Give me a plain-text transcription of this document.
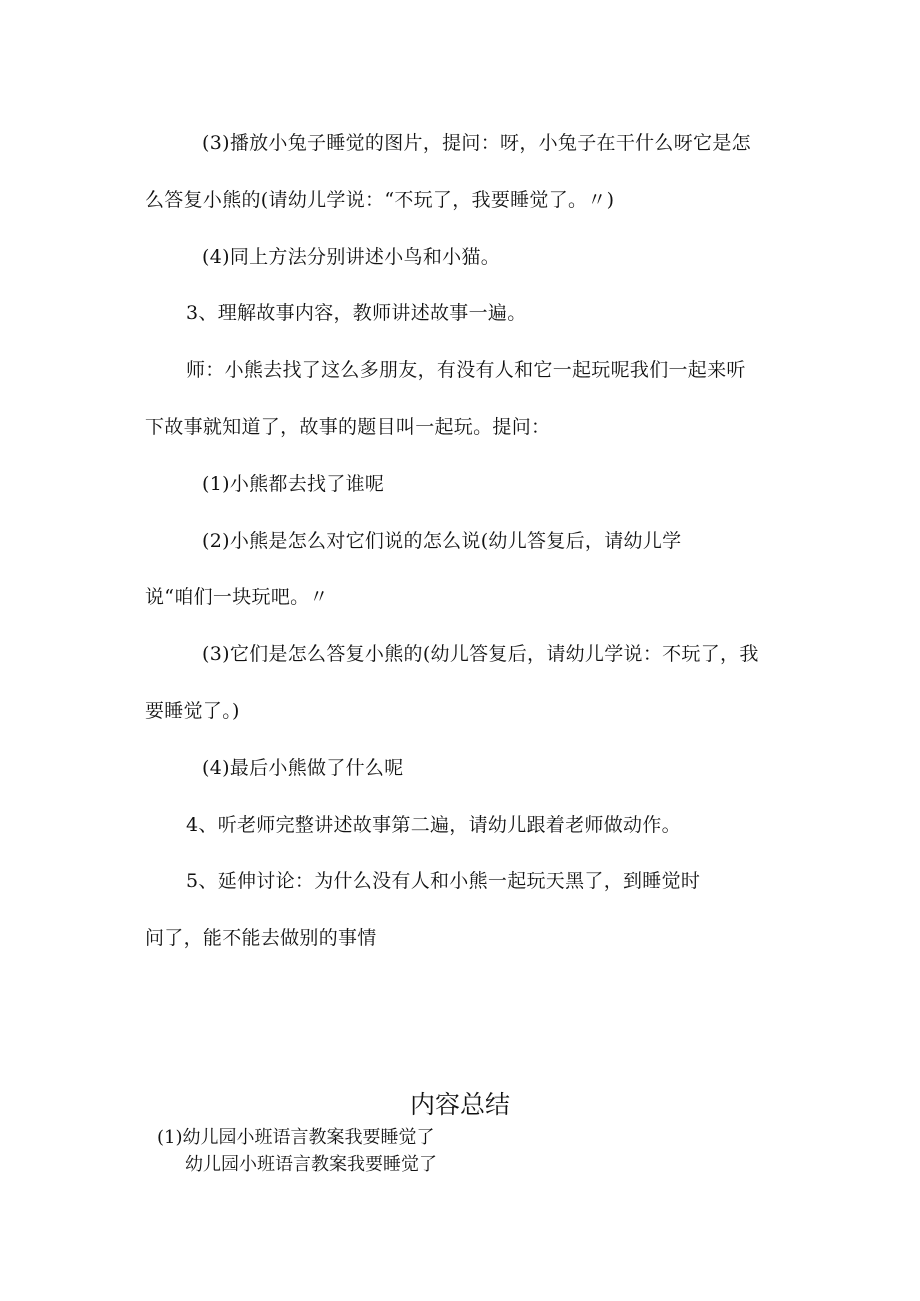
(3)播放小兔子睡觉的图片，提问：呀，小兔子在干什么呀它是怎
么答复小熊的(请幼儿学说：“不玩了，我要睡觉了。〃)
(4)同上方法分别讲述小鸟和小猫。
3、理解故事内容，教师讲述故事一遍。
师：小熊去找了这么多朋友，有没有人和它一起玩呢我们一起来听
下故事就知道了，故事的题目叫一起玩。提问：
(1)小熊都去找了谁呢
(2)小熊是怎么对它们说的怎么说(幼儿答复后，请幼儿学
说“咱们一块玩吧。〃
(3)它们是怎么答复小熊的(幼儿答复后，请幼儿学说：不玩了，我
要睡觉了。)
(4)最后小熊做了什么呢
4、听老师完整讲述故事第二遍，请幼儿跟着老师做动作。
5、延伸讨论：为什么没有人和小熊一起玩天黑了，到睡觉时
问了，能不能去做别的事情
内容总结
(1)幼儿园小班语言教案我要睡觉了
幼儿园小班语言教案我要睡觉了
